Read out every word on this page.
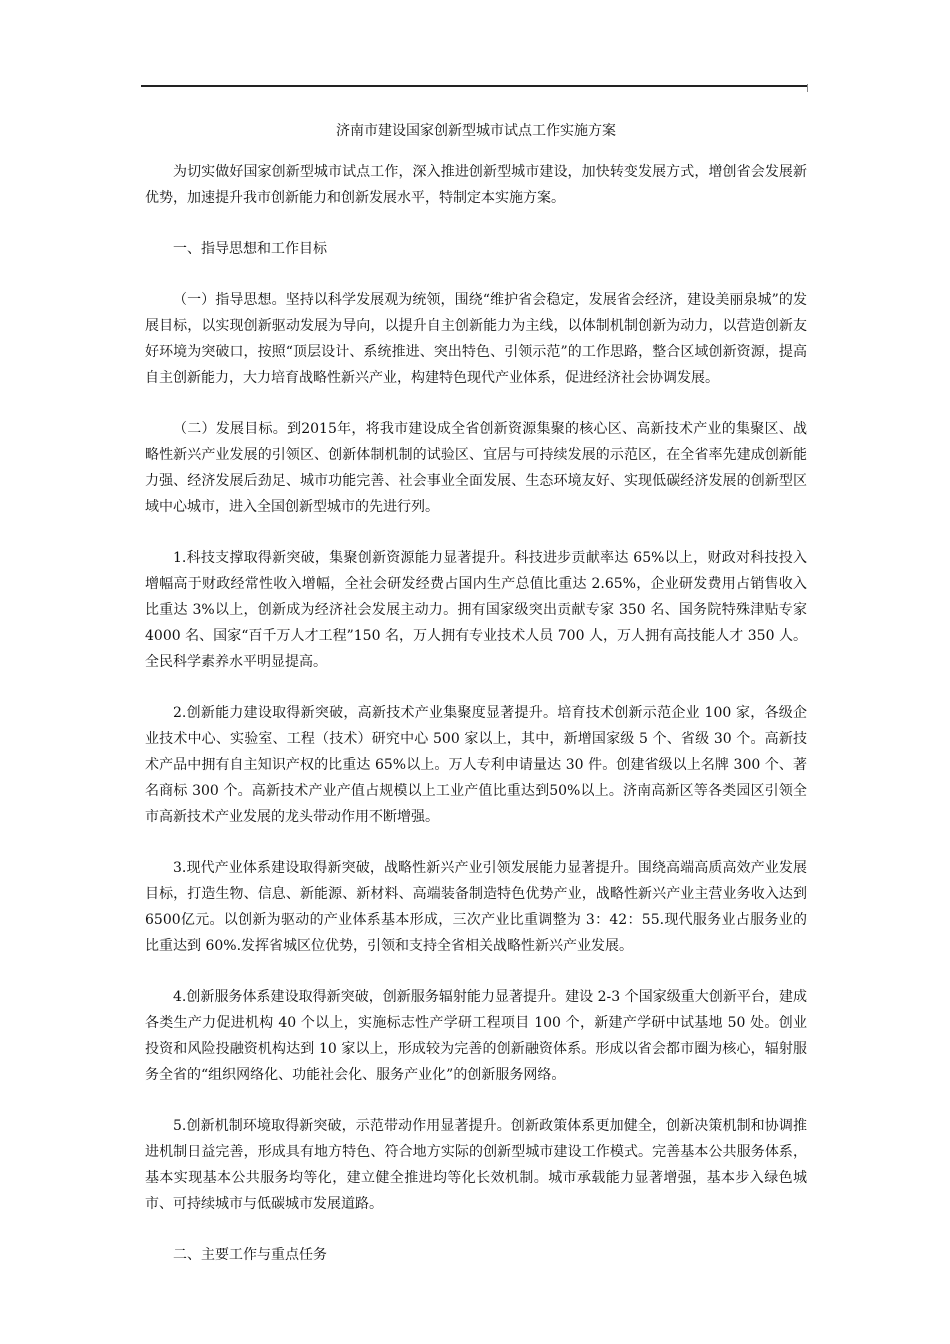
济南市建设国家创新型城市试点工作实施方案

为切实做好国家创新型城市试点工作，深入推进创新型城市建设，加快转变发展方式，增创省会发展新优势，加速提升我市创新能力和创新发展水平，特制定本实施方案。

一、指导思想和工作目标

（一）指导思想。坚持以科学发展观为统领，围绕“维护省会稳定，发展省会经济，建设美丽泉城”的发展目标，以实现创新驱动发展为导向，以提升自主创新能力为主线，以体制机制创新为动力，以营造创新友好环境为突破口，按照“顶层设计、系统推进、突出特色、引领示范”的工作思路，整合区域创新资源，提高自主创新能力，大力培育战略性新兴产业，构建特色现代产业体系，促进经济社会协调发展。

（二）发展目标。到2015年，将我市建设成全省创新资源集聚的核心区、高新技术产业的集聚区、战略性新兴产业发展的引领区、创新体制机制的试验区、宜居与可持续发展的示范区，在全省率先建成创新能力强、经济发展后劲足、城市功能完善、社会事业全面发展、生态环境友好、实现低碳经济发展的创新型区域中心城市，进入全国创新型城市的先进行列。

1.科技支撑取得新突破，集聚创新资源能力显著提升。科技进步贡献率达 65%以上，财政对科技投入增幅高于财政经常性收入增幅，全社会研发经费占国内生产总值比重达 2.65%，企业研发费用占销售收入比重达 3%以上，创新成为经济社会发展主动力。拥有国家级突出贡献专家 350 名、国务院特殊津贴专家 4000 名、国家“百千万人才工程”150 名，万人拥有专业技术人员 700 人，万人拥有高技能人才 350 人。全民科学素养水平明显提高。

2.创新能力建设取得新突破，高新技术产业集聚度显著提升。培育技术创新示范企业 100 家，各级企业技术中心、实验室、工程（技术）研究中心 500 家以上，其中，新增国家级 5 个、省级 30 个。高新技术产品中拥有自主知识产权的比重达 65%以上。万人专利申请量达 30 件。创建省级以上名牌 300 个、著名商标 300 个。高新技术产业产值占规模以上工业产值比重达到50%以上。济南高新区等各类园区引领全市高新技术产业发展的龙头带动作用不断增强。

3.现代产业体系建设取得新突破，战略性新兴产业引领发展能力显著提升。围绕高端高质高效产业发展目标，打造生物、信息、新能源、新材料、高端装备制造特色优势产业，战略性新兴产业主营业务收入达到6500亿元。以创新为驱动的产业体系基本形成，三次产业比重调整为 3：42：55.现代服务业占服务业的比重达到 60%.发挥省城区位优势，引领和支持全省相关战略性新兴产业发展。

4.创新服务体系建设取得新突破，创新服务辐射能力显著提升。建设 2-3 个国家级重大创新平台，建成各类生产力促进机构 40 个以上，实施标志性产学研工程项目 100 个，新建产学研中试基地 50 处。创业投资和风险投融资机构达到 10 家以上，形成较为完善的创新融资体系。形成以省会都市圈为核心，辐射服务全省的“组织网络化、功能社会化、服务产业化”的创新服务网络。

5.创新机制环境取得新突破，示范带动作用显著提升。创新政策体系更加健全，创新决策机制和协调推进机制日益完善，形成具有地方特色、符合地方实际的创新型城市建设工作模式。完善基本公共服务体系，基本实现基本公共服务均等化，建立健全推进均等化长效机制。城市承载能力显著增强，基本步入绿色城市、可持续城市与低碳城市发展道路。

二、主要工作与重点任务
